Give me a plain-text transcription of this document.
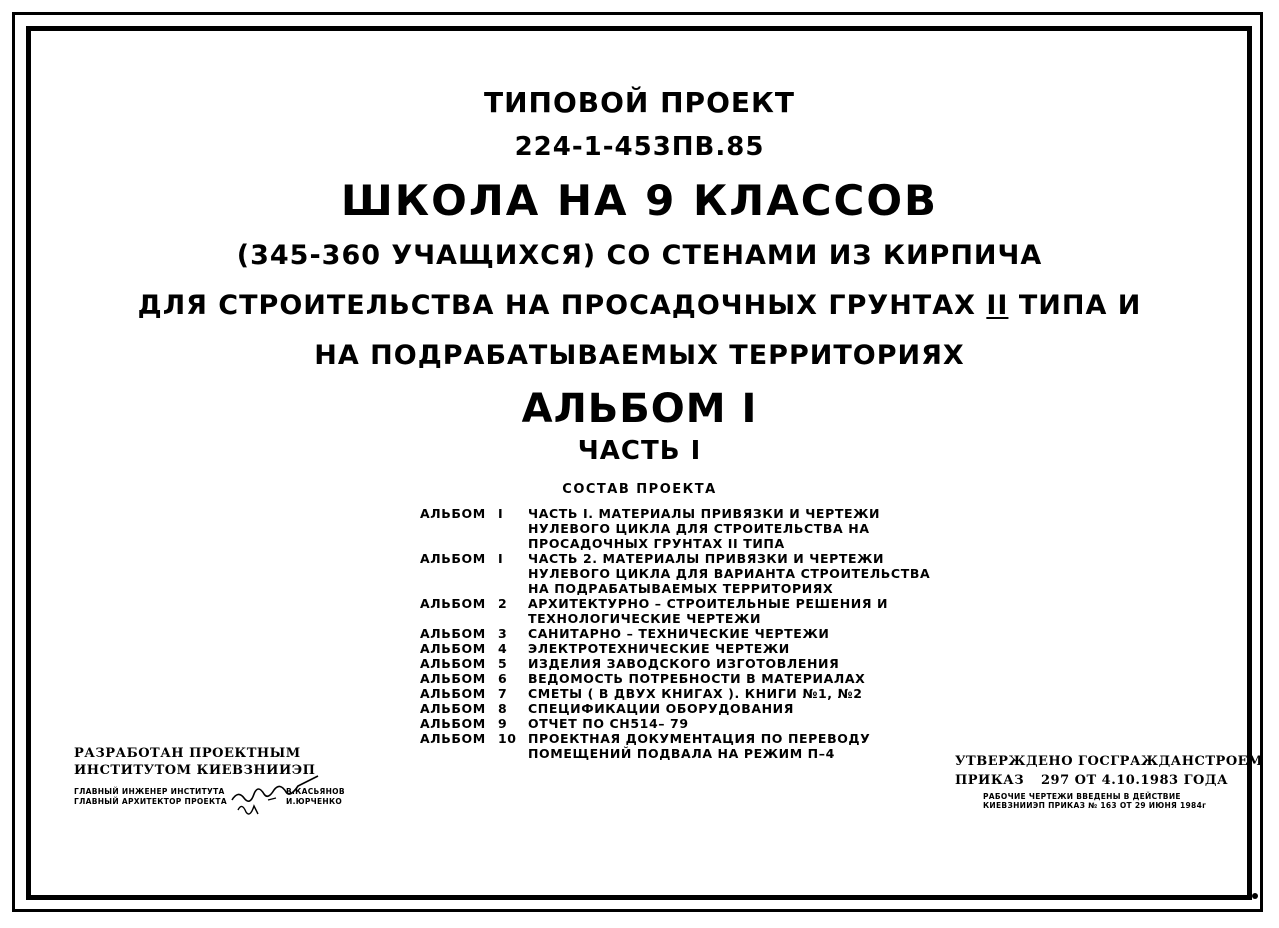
ТИПОВОЙ ПРОЕКТ
224-1-453ПВ.85
ШКОЛА НА 9 КЛАССОВ
(345-360 УЧАЩИХСЯ) СО СТЕНАМИ ИЗ КИРПИЧА
ДЛЯ СТРОИТЕЛЬСТВА НА ПРОСАДОЧНЫХ ГРУНТАХ II ТИПА И
НА ПОДРАБАТЫВАЕМЫХ ТЕРРИТОРИЯХ
АЛЬБОМ I
ЧАСТЬ I
СОСТАВ ПРОЕКТА
АЛЬБОМ I	ЧАСТЬ I. МАТЕРИАЛЫ ПРИВЯЗКИ И ЧЕРТЕЖИ
НУЛЕВОГО ЦИКЛА ДЛЯ СТРОИТЕЛЬСТВА НА
ПРОСАДОЧНЫХ ГРУНТАХ II ТИПА
АЛЬБОМ I	ЧАСТЬ 2. МАТЕРИАЛЫ ПРИВЯЗКИ И ЧЕРТЕЖИ
НУЛЕВОГО ЦИКЛА ДЛЯ ВАРИАНТА СТРОИТЕЛЬСТВА
НА ПОДРАБАТЫВАЕМЫХ ТЕРРИТОРИЯХ
АЛЬБОМ 2	АРХИТЕКТУРНО – СТРОИТЕЛЬНЫЕ РЕШЕНИЯ И
ТЕХНОЛОГИЧЕСКИЕ ЧЕРТЕЖИ
АЛЬБОМ 3	САНИТАРНО – ТЕХНИЧЕСКИЕ ЧЕРТЕЖИ
АЛЬБОМ 4	ЭЛЕКТРОТЕХНИЧЕСКИЕ ЧЕРТЕЖИ
АЛЬБОМ 5	ИЗДЕЛИЯ ЗАВОДСКОГО ИЗГОТОВЛЕНИЯ
АЛЬБОМ 6	ВЕДОМОСТЬ ПОТРЕБНОСТИ В МАТЕРИАЛАХ
АЛЬБОМ 7	СМЕТЫ ( В ДВУХ КНИГАХ ). КНИГИ №1, №2
АЛЬБОМ 8	СПЕЦИФИКАЦИИ ОБОРУДОВАНИЯ
АЛЬБОМ 9	ОТЧЕТ ПО СН514– 79
АЛЬБОМ 10 ПРОЕКТНАЯ ДОКУМЕНТАЦИЯ ПО ПЕРЕВОДУ
ПОМЕЩЕНИЙ ПОДВАЛА НА РЕЖИМ П–4
РАЗРАБОТАН ПРОЕКТНЫМ
ИНСТИТУТОМ КИЕВЗНИИЭП
ГЛАВНЫЙ ИНЖЕНЕР ИНСТИТУТА	В.КАСЬЯНОВ
ГЛАВНЫЙ АРХИТЕКТОР ПРОЕКТА	И.ЮРЧЕНКО
УТВЕРЖДЕНО ГОСГРАЖДАНСТРОЕМ
ПРИКАЗ 297 ОТ 4.10.1983 ГОДА
РАБОЧИЕ ЧЕРТЕЖИ ВВЕДЕНЫ В ДЕЙСТВИЕ
КИЕВЗНИИЭП ПРИКАЗ № 163 ОТ 29 ИЮНЯ 1984г
